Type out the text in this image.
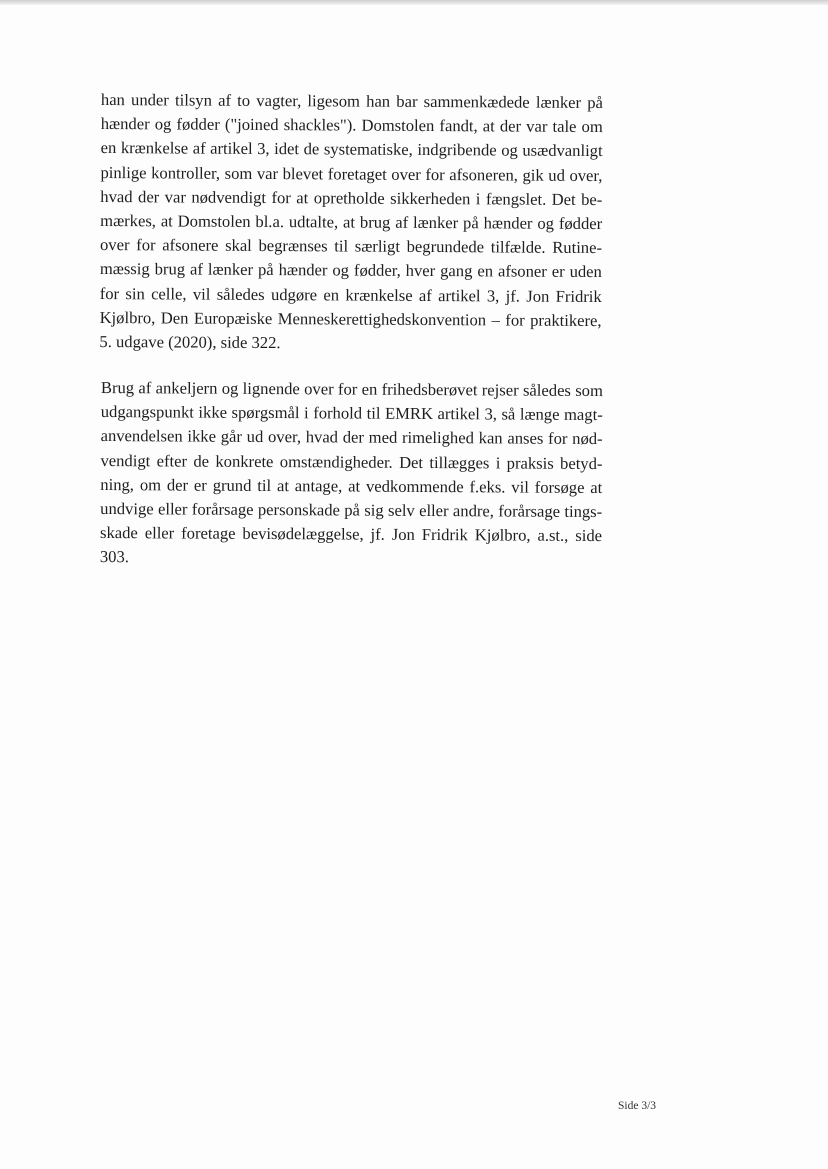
han under tilsyn af to vagter, ligesom han bar sammenkædede lænker på
hænder og fødder ("joined shackles"). Domstolen fandt, at der var tale om
en krænkelse af artikel 3, idet de systematiske, indgribende og usædvanligt
pinlige kontroller, som var blevet foretaget over for afsoneren, gik ud over,
hvad der var nødvendigt for at opretholde sikkerheden i fængslet. Det be-
mærkes, at Domstolen bl.a. udtalte, at brug af lænker på hænder og fødder
over for afsonere skal begrænses til særligt begrundede tilfælde. Rutine-
mæssig brug af lænker på hænder og fødder, hver gang en afsoner er uden
for sin celle, vil således udgøre en krænkelse af artikel 3, jf. Jon Fridrik
Kjølbro, Den Europæiske Menneskerettighedskonvention – for praktikere,
5. udgave (2020), side 322.

Brug af ankeljern og lignende over for en frihedsberøvet rejser således som
udgangspunkt ikke spørgsmål i forhold til EMRK artikel 3, så længe magt-
anvendelsen ikke går ud over, hvad der med rimelighed kan anses for nød-
vendigt efter de konkrete omstændigheder. Det tillægges i praksis betyd-
ning, om der er grund til at antage, at vedkommende f.eks. vil forsøge at
undvige eller forårsage personskade på sig selv eller andre, forårsage tings-
skade eller foretage bevisødelæggelse, jf. Jon Fridrik Kjølbro, a.st., side
303.

Side 3/3
